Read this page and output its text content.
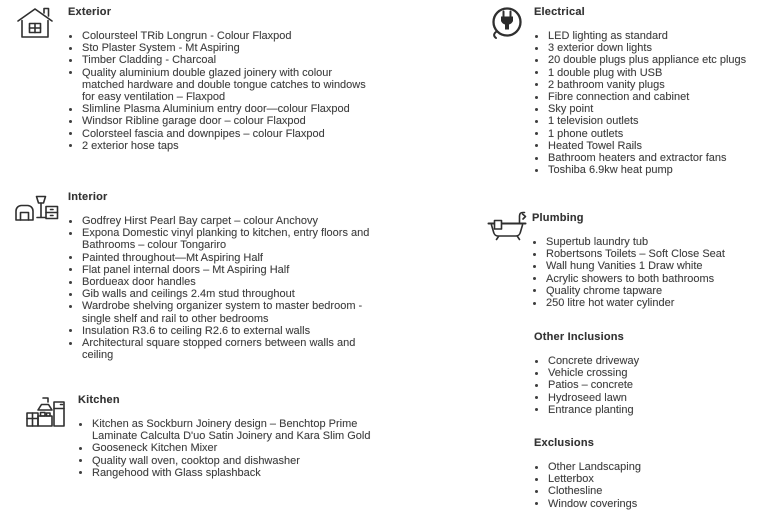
Exterior
Coloursteel TRib Longrun - Colour Flaxpod
Sto Plaster System - Mt Aspiring
Timber Cladding - Charcoal
Quality aluminium double glazed joinery with colour matched hardware and double tongue catches to windows for easy ventilation – Flaxpod
Slimline Plasma Aluminium entry door—colour Flaxpod
Windsor Ribline garage door – colour Flaxpod
Colorsteel fascia and downpipes – colour Flaxpod
2 exterior hose taps
Interior
Godfrey Hirst Pearl Bay carpet – colour Anchovy
Expona Domestic vinyl planking to kitchen, entry floors and Bathrooms – colour Tongariro
Painted throughout—Mt Aspiring Half
Flat panel internal doors – Mt Aspiring Half
Bordueax door handles
Gib walls and ceilings 2.4m stud throughout
Wardrobe shelving organizer system to master bedroom -single shelf and rail to other bedrooms
Insulation R3.6 to ceiling R2.6 to external walls
Architectural square stopped corners between walls and ceiling
Kitchen
Kitchen as Sockburn Joinery design – Benchtop Prime Laminate Calculta D'uo Satin Joinery and Kara Slim Gold
Gooseneck Kitchen Mixer
Quality wall oven, cooktop and dishwasher
Rangehood with Glass splashback
Electrical
LED lighting as standard
3 exterior down lights
20 double plugs plus appliance etc plugs
1 double plug with USB
2 bathroom vanity plugs
Fibre connection and cabinet
Sky point
1 television outlets
1 phone outlets
Heated Towel Rails
Bathroom heaters and extractor fans
Toshiba 6.9kw heat pump
Plumbing
Supertub laundry tub
Robertsons Toilets – Soft Close Seat
Wall hung Vanities 1 Draw white
Acrylic showers to both bathrooms
Quality chrome tapware
250 litre hot water cylinder
Other Inclusions
Concrete driveway
Vehicle crossing
Patios – concrete
Hydroseed lawn
Entrance planting
Exclusions
Other Landscaping
Letterbox
Clothesline
Window coverings
